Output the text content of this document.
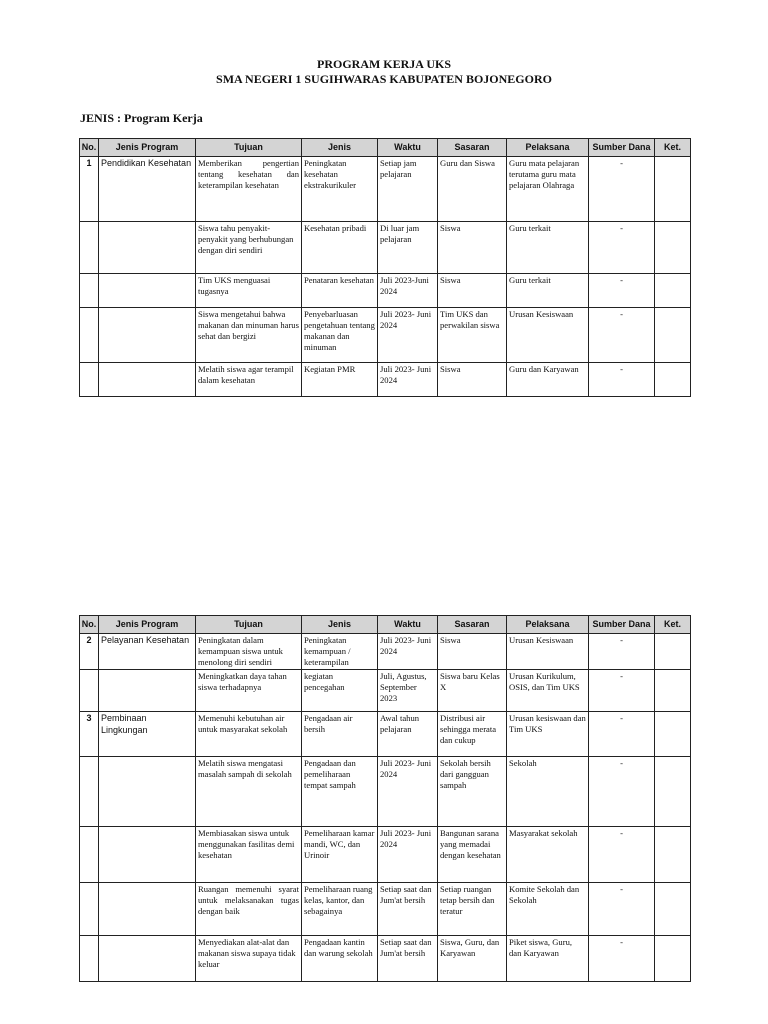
PROGRAM KERJA UKS
SMA NEGERI 1 SUGIHWARAS KABUPATEN BOJONEGORO
JENIS : Program Kerja
No.	Jenis Program	Tujuan	Jenis	Waktu	Sasaran	Pelaksana	Sumber Dana	Ket.
1	Pendidikan Kesehatan	Memberikan pengertian tentang kesehatan dan keterampilan kesehatan	Peningkatan kesehatan ekstrakurikuler	Setiap jam pelajaran	Guru dan Siswa	Guru mata pelajaran terutama guru mata pelajaran Olahraga	-	
		Siswa tahu penyakit-penyakit yang berhubungan dengan diri sendiri	Kesehatan pribadi	Di luar jam pelajaran	Siswa	Guru terkait	-	
		Tim UKS menguasai tugasnya	Penataran kesehatan	Juli 2023-Juni 2024	Siswa	Guru terkait	-	
		Siswa mengetahui bahwa makanan dan minuman harus sehat dan bergizi	Penyebarluasan pengetahuan tentang makanan dan minuman	Juli 2023- Juni 2024	Tim UKS dan perwakilan siswa	Urusan Kesiswaan	-	
		Melatih siswa agar terampil dalam kesehatan	Kegiatan PMR	Juli 2023- Juni 2024	Siswa	Guru dan Karyawan	-	
No.	Jenis Program	Tujuan	Jenis	Waktu	Sasaran	Pelaksana	Sumber Dana	Ket.
2	Pelayanan Kesehatan	Peningkatan dalam kemampuan siswa untuk menolong diri sendiri	Peningkatan kemampuan / keterampilan	Juli 2023- Juni 2024	Siswa	Urusan Kesiswaan	-	
		Meningkatkan daya tahan siswa terhadapnya	kegiatan pencegahan	Juli, Agustus, September 2023	Siswa baru Kelas X	Urusan Kurikulum, OSIS, dan Tim UKS	-	
3	Pembinaan Lingkungan	Memenuhi kebutuhan air untuk masyarakat sekolah	Pengadaan air bersih	Awal tahun pelajaran	Distribusi air sehingga merata dan cukup	Urusan kesiswaan dan Tim UKS	-	
		Melatih siswa mengatasi masalah sampah di sekolah	Pengadaan dan pemeliharaan tempat sampah	Juli 2023- Juni 2024	Sekolah bersih dari gangguan sampah	Sekolah	-	
		Membiasakan siswa untuk menggunakan fasilitas demi kesehatan	Pemeliharaan kamar mandi, WC, dan Urinoir	Juli 2023- Juni 2024	Bangunan sarana yang memadai dengan kesehatan	Masyarakat sekolah	-	
		Ruangan memenuhi syarat untuk melaksanakan tugas dengan baik	Pemeliharaan ruang kelas, kantor, dan sebagainya	Setiap saat dan Jum'at bersih	Setiap ruangan tetap bersih dan teratur	Komite Sekolah dan Sekolah	-	
		Menyediakan alat-alat dan makanan siswa supaya tidak keluar	Pengadaan kantin dan warung sekolah	Setiap saat dan Jum'at bersih	Siswa, Guru, dan Karyawan	Piket siswa, Guru, dan Karyawan	-	
